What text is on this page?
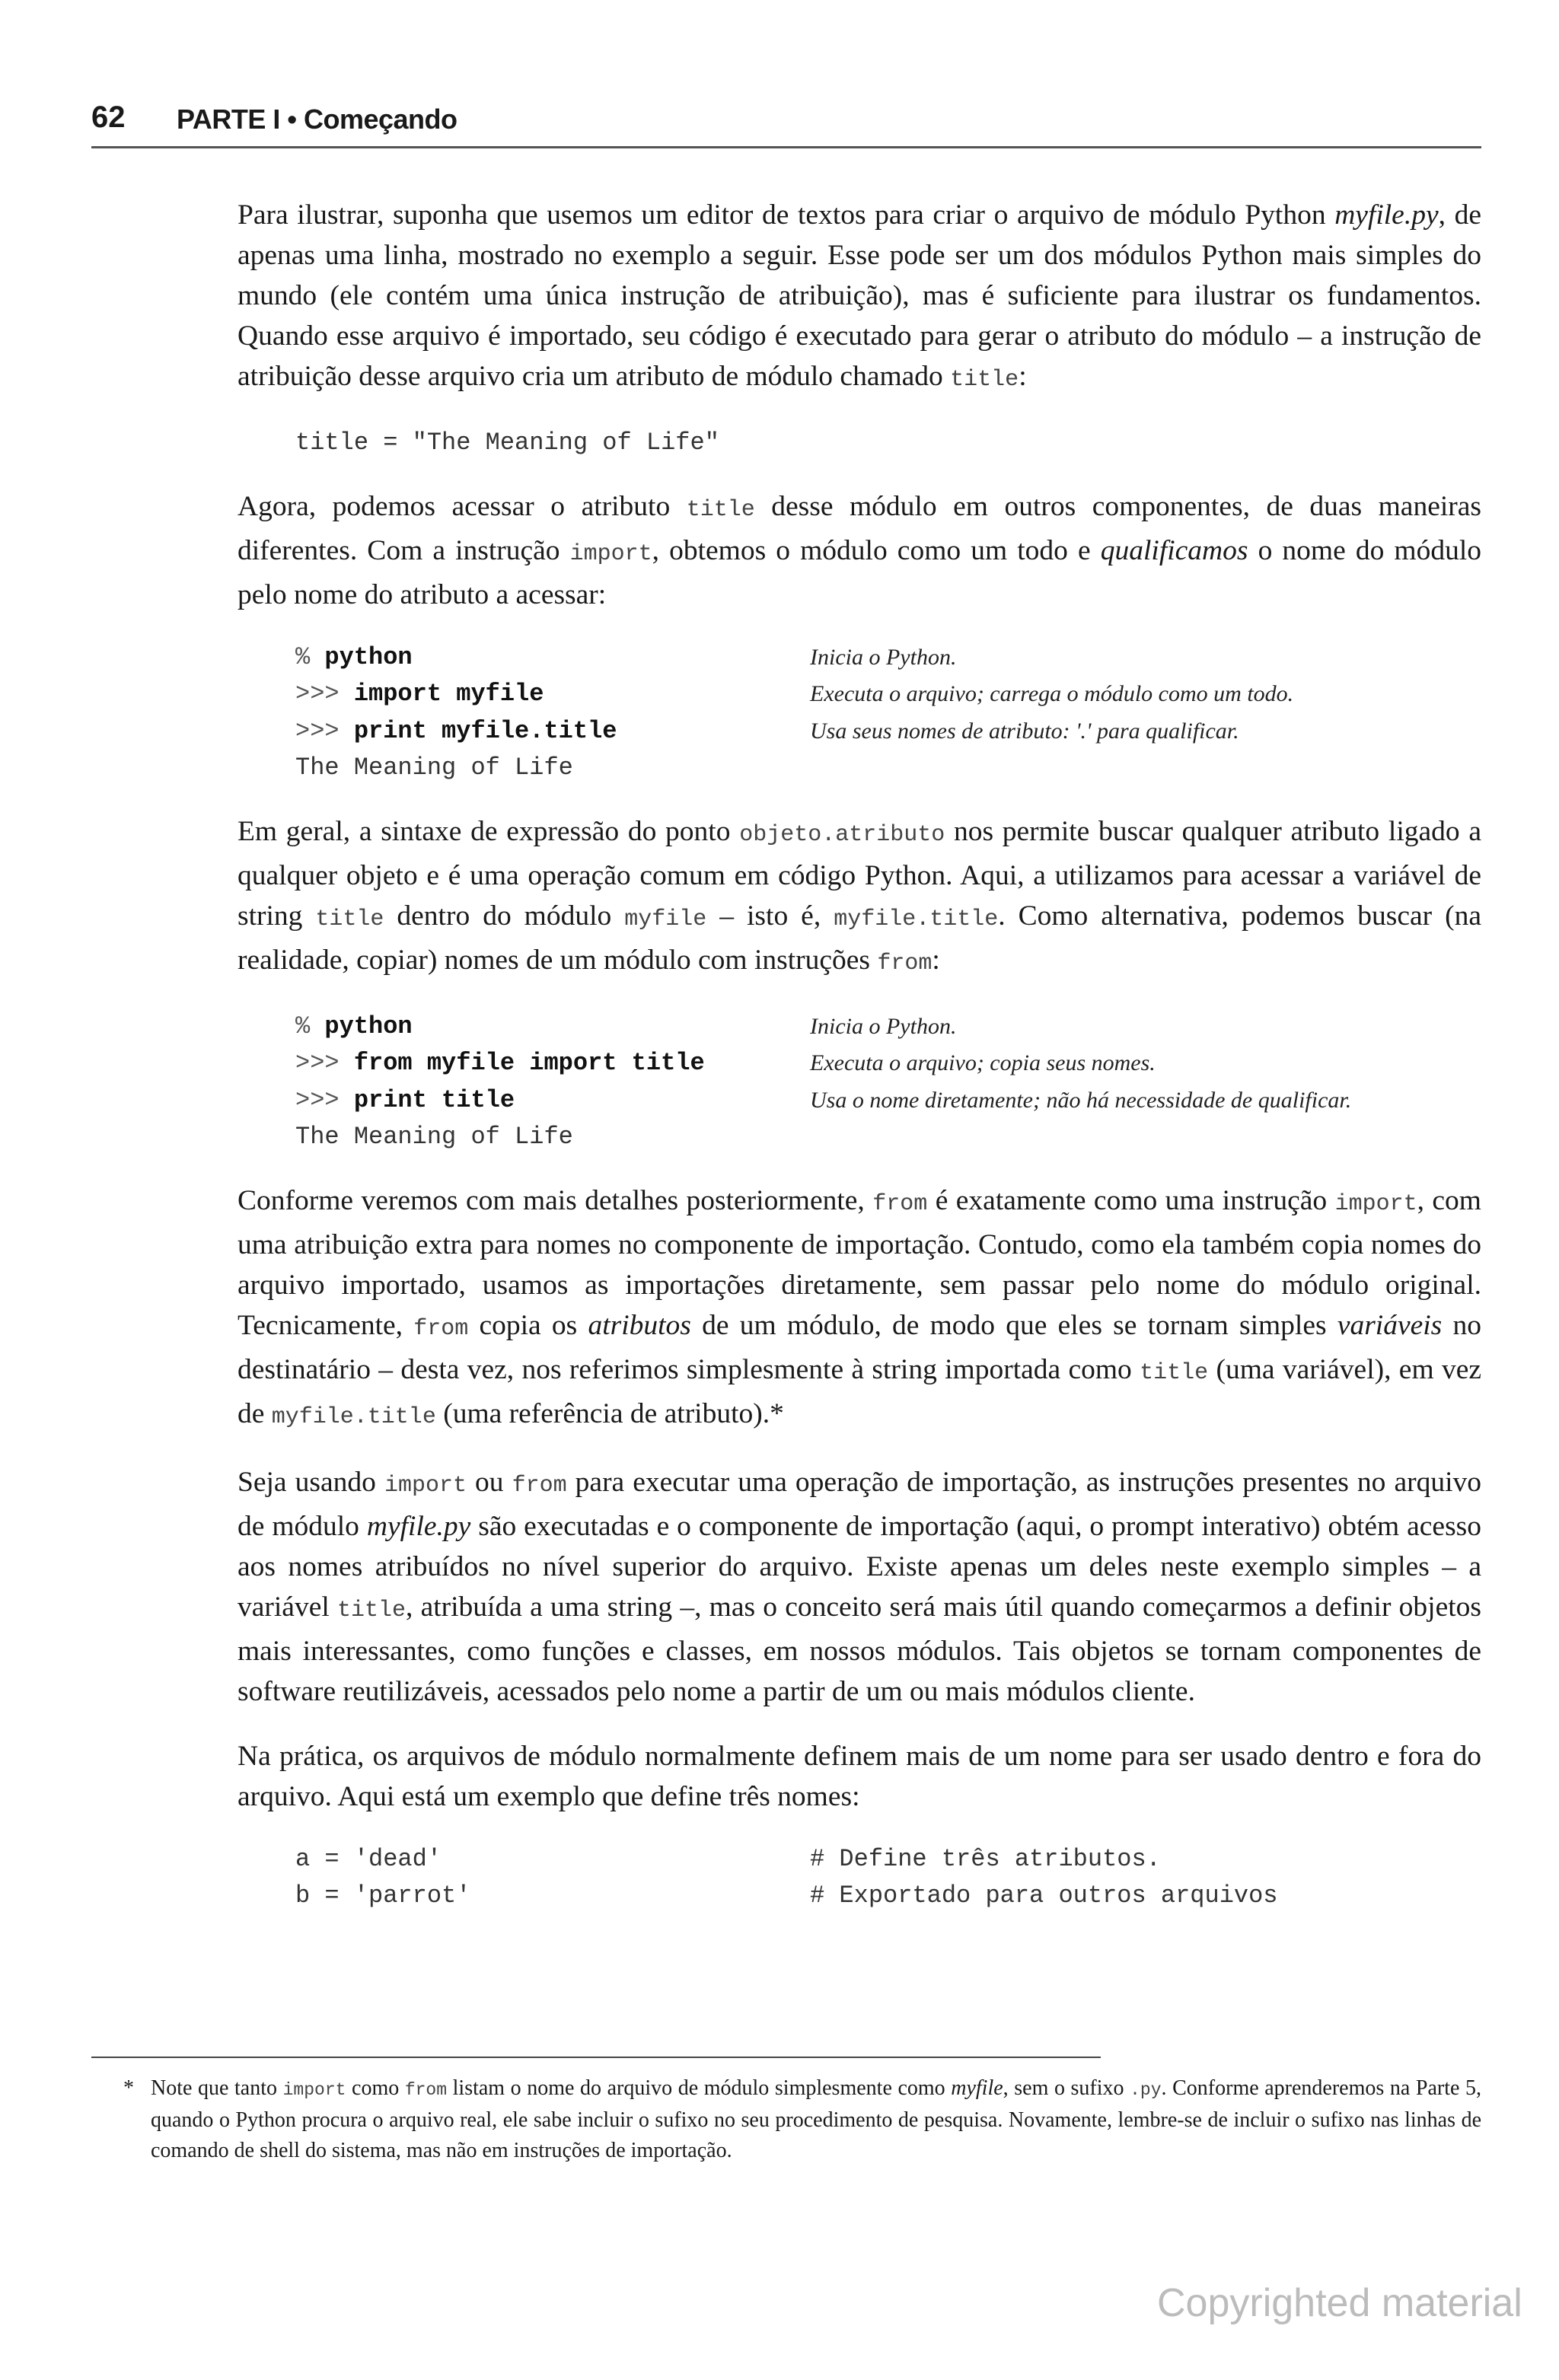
62 PARTE I • Começando

Para ilustrar, suponha que usemos um editor de textos para criar o arquivo de módulo Python myfile.py, de apenas uma linha, mostrado no exemplo a seguir. Esse pode ser um dos módulos Python mais simples do mundo (ele contém uma única instrução de atribuição), mas é suficiente para ilustrar os fundamentos. Quando esse arquivo é importado, seu código é executado para gerar o atributo do módulo – a instrução de atribuição desse arquivo cria um atributo de módulo chamado title:

title = "The Meaning of Life"

Agora, podemos acessar o atributo title desse módulo em outros componentes, de duas maneiras diferentes. Com a instrução import, obtemos o módulo como um todo e qualificamos o nome do módulo pelo nome do atributo a acessar:

% python	Inicia o Python.
>>> import myfile	Executa o arquivo; carrega o módulo como um todo.
>>> print myfile.title	Usa seus nomes de atributo: '.' para qualificar.
The Meaning of Life

Em geral, a sintaxe de expressão do ponto objeto.atributo nos permite buscar qualquer atributo ligado a qualquer objeto e é uma operação comum em código Python. Aqui, a utilizamos para acessar a variável de string title dentro do módulo myfile – isto é, myfile.title. Como alternativa, podemos buscar (na realidade, copiar) nomes de um módulo com instruções from:

% python	Inicia o Python.
>>> from myfile import title	Executa o arquivo; copia seus nomes.
>>> print title	Usa o nome diretamente; não há necessidade de qualificar.
The Meaning of Life

Conforme veremos com mais detalhes posteriormente, from é exatamente como uma instrução import, com uma atribuição extra para nomes no componente de importação. Contudo, como ela também copia nomes do arquivo importado, usamos as importações diretamente, sem passar pelo nome do módulo original. Tecnicamente, from copia os atributos de um módulo, de modo que eles se tornam simples variáveis no destinatário – desta vez, nos referimos simplesmente à string importada como title (uma variável), em vez de myfile.title (uma referência de atributo).*

Seja usando import ou from para executar uma operação de importação, as instruções presentes no arquivo de módulo myfile.py são executadas e o componente de importação (aqui, o prompt interativo) obtém acesso aos nomes atribuídos no nível superior do arquivo. Existe apenas um deles neste exemplo simples – a variável title, atribuída a uma string –, mas o conceito será mais útil quando começarmos a definir objetos mais interessantes, como funções e classes, em nossos módulos. Tais objetos se tornam componentes de software reutilizáveis, acessados pelo nome a partir de um ou mais módulos cliente.

Na prática, os arquivos de módulo normalmente definem mais de um nome para ser usado dentro e fora do arquivo. Aqui está um exemplo que define três nomes:

a = 'dead'	# Define três atributos.
b = 'parrot'	# Exportado para outros arquivos
* Note que tanto import como from listam o nome do arquivo de módulo simplesmente como myfile, sem o sufixo .py. Conforme aprenderemos na Parte 5, quando o Python procura o arquivo real, ele sabe incluir o sufixo no seu procedimento de pesquisa. Novamente, lembre-se de incluir o sufixo nas linhas de comando de shell do sistema, mas não em instruções de importação.
Copyrighted material
